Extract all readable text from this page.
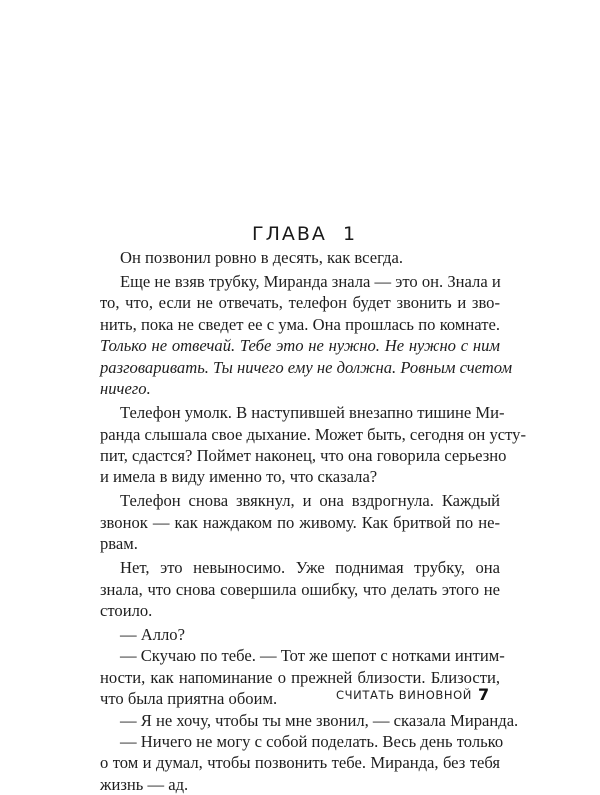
ГЛАВА  1
Он позвонил ровно в десять, как всегда.
Еще не взяв трубку, Миранда знала — это он. Знала и
то, что, если не отвечать, телефон будет звонить и зво-
нить, пока не сведет ее с ума. Она прошлась по комнате.
Только не отвечай. Тебе это не нужно. Не нужно с ним
разговаривать. Ты ничего ему не должна. Ровным счетом
ничего.
Телефон умолк. В наступившей внезапно тишине Ми-
ранда слышала свое дыхание. Может быть, сегодня он усту-
пит, сдастся? Поймет наконец, что она говорила серьезно
и имела в виду именно то, что сказала?
Телефон снова звякнул, и она вздрогнула. Каждый
звонок — как наждаком по живому. Как бритвой по не-
рвам.
Нет, это невыносимо. Уже поднимая трубку, она
знала, что снова совершила ошибку, что делать этого не
стоило.
— Алло?
— Скучаю по тебе. — Тот же шепот с нотками интим-
ности, как напоминание о прежней близости. Близости,
что была приятна обоим.
— Я не хочу, чтобы ты мне звонил, — сказала Миранда.
— Ничего не могу с собой поделать. Весь день только
о том и думал, чтобы позвонить тебе. Миранда, без тебя
жизнь — ад.
СЧИТАТЬ ВИНОВНОЙ 7
